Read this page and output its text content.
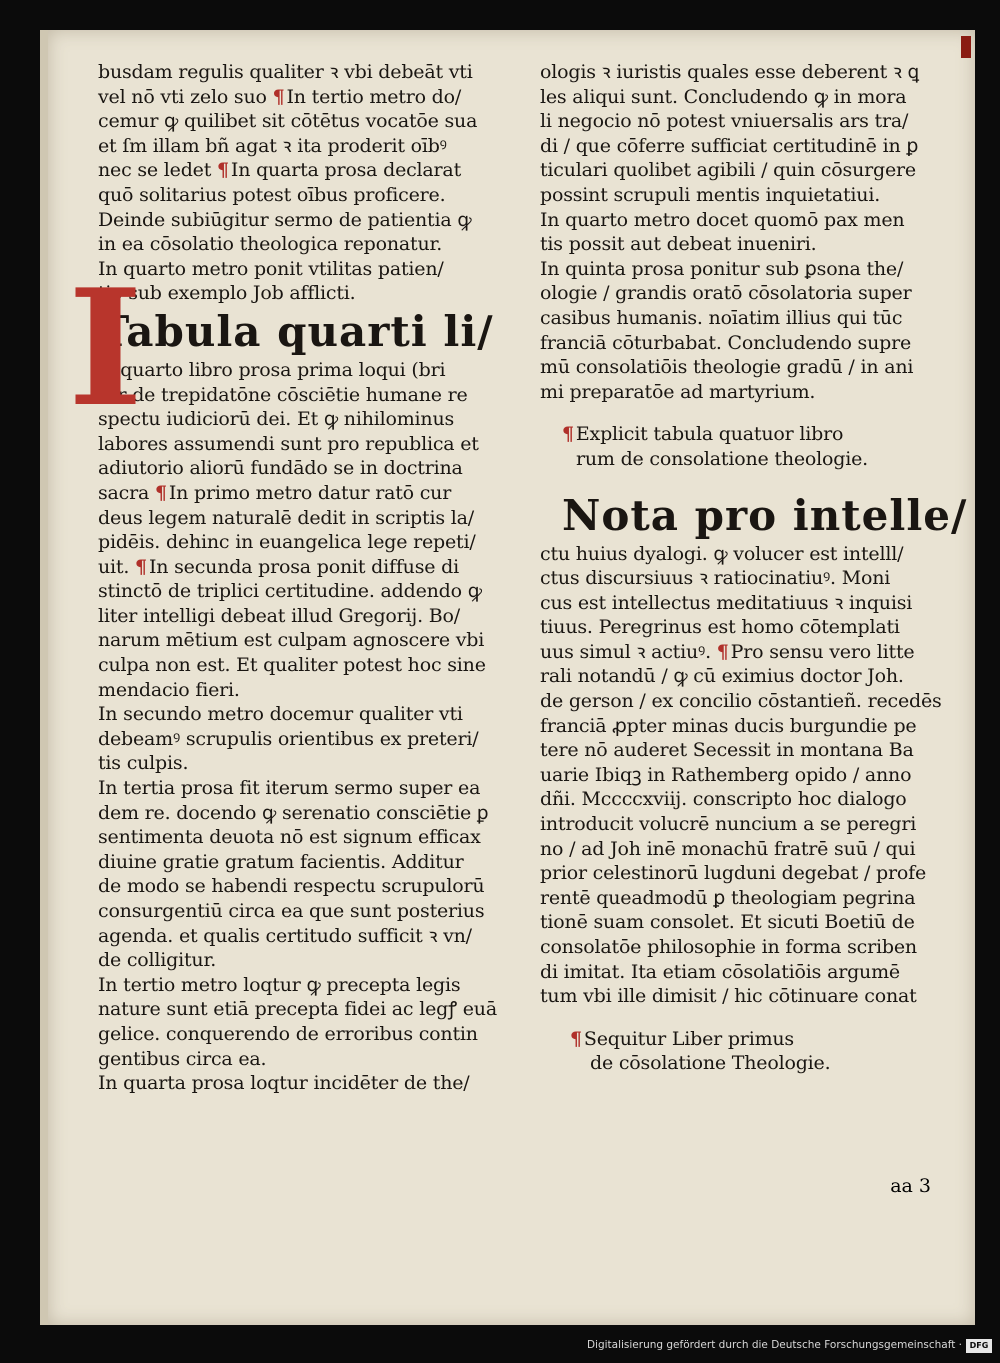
busdam regulis qualiter ꝛ vbi debeāt vti
vel nō vti zelo suo ¶ In tertio metro do/
cemur ꝙ quilibet sit cōtētus vocatōe sua
et ſm illam bñ agat ꝛ ita proderit oībꝰ
nec se ledet ¶ In quarta prosa declarat
quō solitarius potest oībus proficere.
Deinde subiūgitur sermo de patientia ꝙ
in ea cōsolatio theologica reponatur.
In quarto metro ponit vtilitas patien/
tie sub exemplo Job afflicti.
Tabula quarti li/
N quarto libro prosa prima loqui (bri
tur de trepidatōne cōsciētie humane re
spectu iudiciorū dei. Et ꝙ nihilominus
labores assumendi sunt pro republica et
adiutorio aliorū fundādo se in doctrina
sacra ¶ In primo metro datur ratō cur
deus legem naturalē dedit in scriptis la/
pidēis. dehinc in euangelica lege repeti/
uit. ¶ In secunda prosa ponit diffuse di
stinctō de triplici certitudine. addendo ꝙ
liter intelligi debeat illud Gregorij. Bo/
narum mētium est culpam agnoscere vbi
culpa non est. Et qualiter potest hoc sine
mendacio fieri.
In secundo metro docemur qualiter vti
debeamꝰ scrupulis orientibus ex preteri/
tis culpis.
In tertia prosa fit iterum sermo super ea
dem re. docendo ꝙ serenatio consciētie ꝑ
sentimenta deuota nō est signum efficax
diuine gratie gratum facientis. Additur
de modo se habendi respectu scrupulorū
consurgentiū circa ea que sunt posterius
agenda. et qualis certitudo sufficit ꝛ vn/
de colligitur.
In tertio metro loqtur ꝙ precepta legis
nature sunt etiā precepta fidei ac legꝭ euā
gelice. conquerendo de erroribus contin
gentibus circa ea.
In quarta prosa loqtur incidēter de the/
I
ologis ꝛ iuristis quales esse deberent ꝛ ꝗ
les aliqui sunt. Concludendo ꝙ in mora
li negocio nō potest vniuersalis ars tra/
di / que cōferre sufficiat certitudinē in ꝑ
ticulari quolibet agibili / quin cōsurgere
possint scrupuli mentis inquietatiui.
In quarto metro docet quomō pax men
tis possit aut debeat inueniri.
In quinta prosa ponitur sub ꝑsona the/
ologie / grandis oratō cōsolatoria super
casibus humanis. noīatim illius qui tūc
franciā cōturbabat. Concludendo supre
mū consolatiōis theologie gradū / in ani
mi preparatōe ad martyrium.
¶ Explicit tabula quatuor libro
rum de consolatione theologie.
Nota pro intelle/
ctu huius dyalogi. ꝙ volucer est intelll/
ctus discursiuus ꝛ ratiocinatiuꝰ. Moni
cus est intellectus meditatiuus ꝛ inquisi
tiuus. Peregrinus est homo cōtemplati
uus simul ꝛ actiuꝰ. ¶ Pro sensu vero litte
rali notandū / ꝙ cū eximius doctor Joh.
de gerson / ex concilio cōstantieñ. recedēs
franciā ꝓpter minas ducis burgundie pe
tere nō auderet Secessit in montana Ba
uarie Ibiqꝫ in Rathemberg opido / anno
dñi. Mccccxviij. conscripto hoc dialogo
introducit volucrē nuncium a se peregri
no / ad Joh inē monachū fratrē suū / qui
prior celestinorū lugduni degebat / profe
rentē queadmodū ꝑ theologiam pegrina
tionē suam consolet. Et sicuti Boetiū de
consolatōe philosophie in forma scriben
di imitat. Ita etiam cōsolatiōis argumē
tum vbi ille dimisit / hic cōtinuare conat
¶ Sequitur Liber primus
de cōsolatione Theologie.
aa 3
Digitalisierung gefördert durch die Deutsche Forschungsgemeinschaft · DFG
